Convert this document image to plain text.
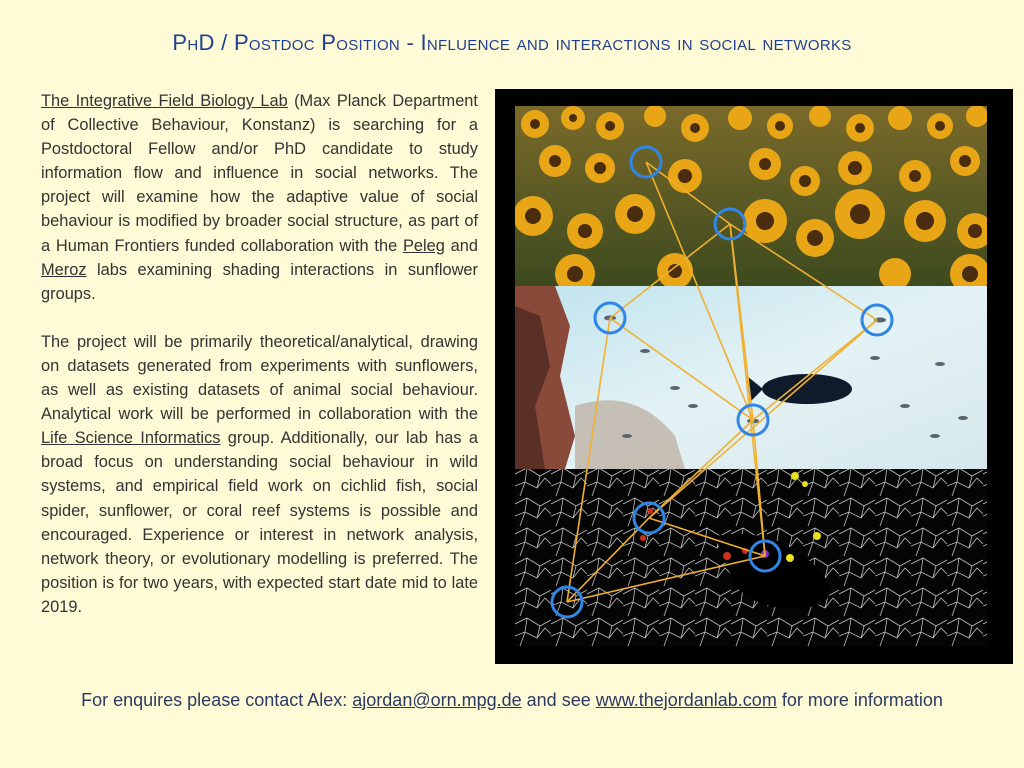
PhD / Postdoc Position - Influence and interactions in social networks

The Integrative Field Biology Lab (Max Planck Department of Collective Behaviour, Konstanz) is searching for a Postdoctoral Fellow and/or PhD candidate to study information flow and influence in social networks. The project will examine how the adaptive value of social behaviour is modified by broader social structure, as part of a Human Frontiers funded collaboration with the Peleg and Meroz labs examining shading interactions in sunflower groups.

The project will be primarily theoretical/analytical, drawing on datasets generated from experiments with sunflowers, as well as existing datasets of animal social behaviour. Analytical work will be performed in collaboration with the Life Science Informatics group. Additionally, our lab has a broad focus on understanding social behaviour in wild systems, and empirical field work on cichlid fish, social spider, sunflower, or coral reef systems is possible and encouraged. Experience or interest in network analysis, network theory, or evolutionary modelling is preferred. The position is for two years, with expected start date mid to late 2019.

For enquires please contact Alex: ajordan@orn.mpg.de and see www.thejordanlab.com for more information
